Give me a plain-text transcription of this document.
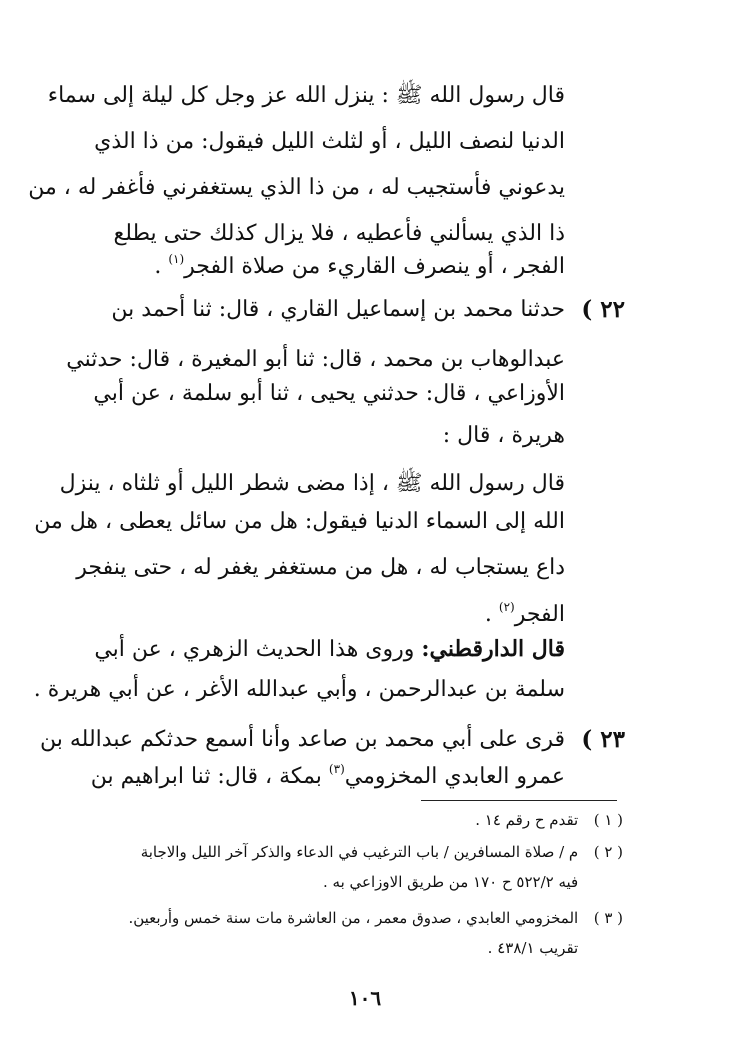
قال رسول الله ﷺ : ينزل الله عز وجل كل ليلة إلى سماء
الدنيا لنصف الليل ، أو لثلث الليل فيقول: من ذا الذي
يدعوني فأستجيب له ، من ذا الذي يستغفرني فأغفر له ، من
ذا الذي يسألني فأعطيه ، فلا يزال كذلك حتى يطلع
الفجر ، أو ينصرف القاريء من صلاة الفجر$^{(١)}$ .
٢٢ )
حدثنا محمد بن إسماعيل القاري ، قال: ثنا أحمد بن
عبدالوهاب بن محمد ، قال: ثنا أبو المغيرة ، قال: حدثني
الأوزاعي ، قال: حدثني يحيى ، ثنا أبو سلمة ، عن أبي
هريرة ، قال :
قال رسول الله ﷺ ، إذا مضى شطر الليل أو ثلثاه ، ينزل
الله إلى السماء الدنيا فيقول: هل من سائل يعطى ، هل من
داع يستجاب له ، هل من مستغفر يغفر له ، حتى ينفجر
الفجر$^{(٢)}$ .
قال الدارقطني: وروى هذا الحديث الزهري ، عن أبي
سلمة بن عبدالرحمن ، وأبي عبدالله الأغر ، عن أبي هريرة .
٢٣ )
قرى على أبي محمد بن صاعد وأنا أسمع حدثكم عبدالله بن
عمرو العابدي المخزومي$^{(٣)}$ بمكة ، قال: ثنا ابراهيم بن
( ١ ) تقدم ح رقم ١٤ .
( ٢ ) م / صلاة المسافرين / باب الترغيب في الدعاء والذكر آخر الليل والاجابة
فيه ٥٢٢/٢ ح ١٧٠ من طريق الاوزاعي به .
( ٣ ) المخزومي العابدي ، صدوق معمر ، من العاشرة مات سنة خمس وأربعين.
تقريب ٤٣٨/١ .
١٠٦
